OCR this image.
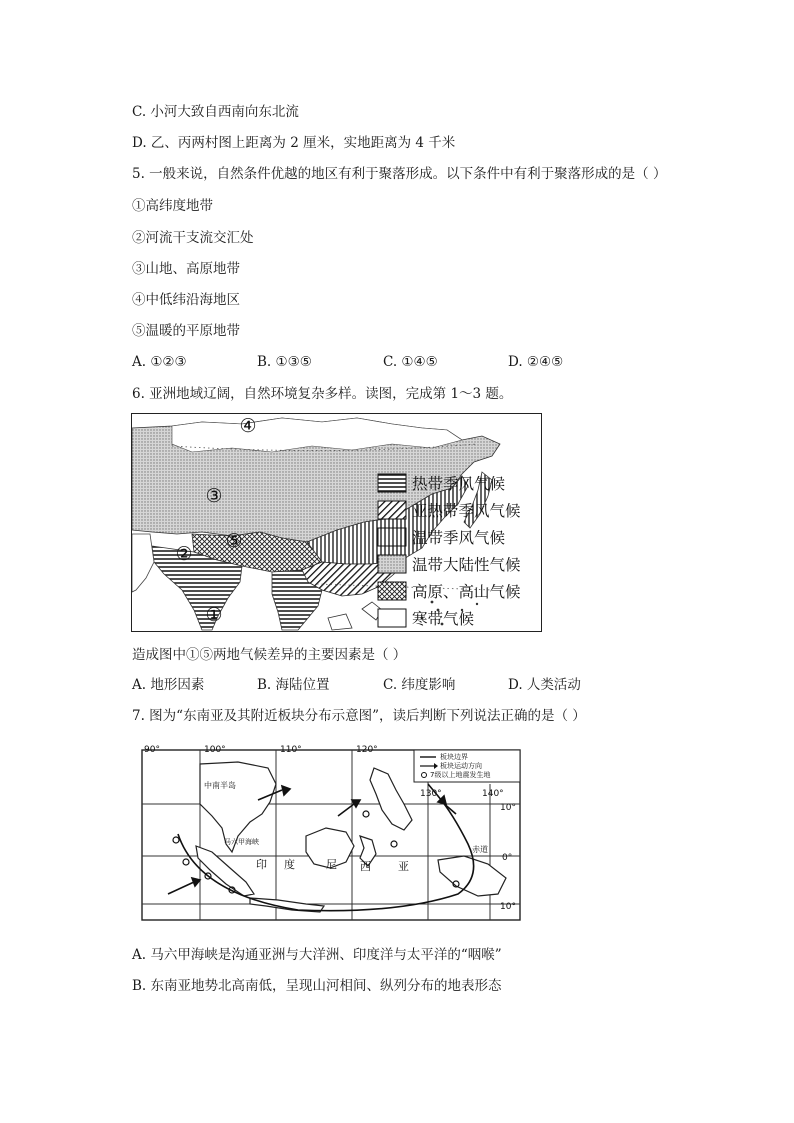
C. 小河大致自西南向东北流
D. 乙、丙两村图上距离为 2 厘米，实地距离为 4 千米
5. 一般来说，自然条件优越的地区有利于聚落形成。以下条件中有利于聚落形成的是（ ）
①高纬度地带
②河流干支流交汇处
③山地、高原地带
④中低纬沿海地区
⑤温暖的平原地带
A. ①②③	B. ①③⑤	C. ①④⑤	D. ②④⑤
6. 亚洲地域辽阔，自然环境复杂多样。读图，完成第 1～3 题。
①
②
③
④
⑤
热带季风气候
亚热带季风气候
温带季风气候
温带大陆性气候
高原、高山气候
寒带气候
造成图中①⑤两地气候差异的主要因素是（ ）
A. 地形因素	B. 海陆位置	C. 纬度影响	D. 人类活动
7. 图为“东南亚及其附近板块分布示意图”，读后判断下列说法正确的是（ ）
90°	100°	110°	120°
130°	140°
10°
0°
10°
板块边界
板块运动方向
7级以上地震发生地
中南半岛
马六甲海峡
印 度	尼 西 亚
赤道
A. 马六甲海峡是沟通亚洲与大洋洲、印度洋与太平洋的“咽喉”
B. 东南亚地势北高南低，呈现山河相间、纵列分布的地表形态
